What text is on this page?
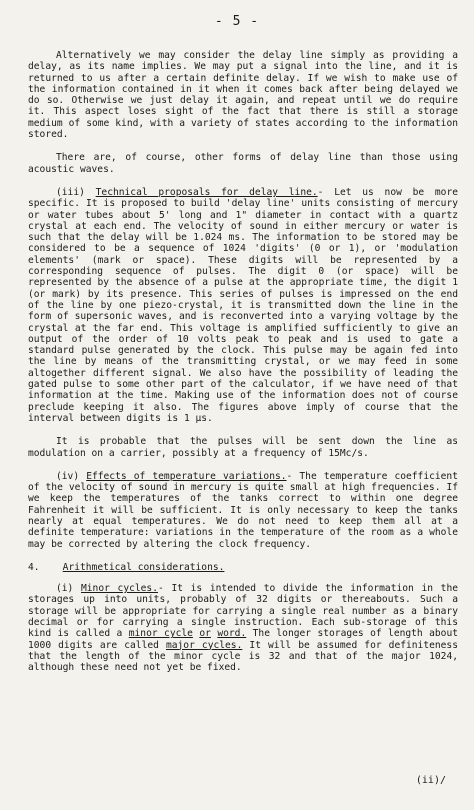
- 5 -

Alternatively we may consider the delay line simply as providing a delay, as its name implies. We may put a signal into the line, and it is returned to us after a certain definite delay. If we wish to make use of the information contained in it when it comes back after being delayed we do so. Otherwise we just delay it again, and repeat until we do require it. This aspect loses sight of the fact that there is still a storage medium of some kind, with a variety of states according to the information stored.

There are, of course, other forms of delay line than those using acoustic waves.

(iii) Technical proposals for delay line.- Let us now be more specific. It is proposed to build 'delay line' units consisting of mercury or water tubes about 5' long and 1" diameter in contact with a quartz crystal at each end. The velocity of sound in either mercury or water is such that the delay will be 1.024 ms. The information to be stored may be considered to be a sequence of 1024 'digits' (0 or 1), or 'modulation elements' (mark or space). These digits will be represented by a corresponding sequence of pulses. The digit 0 (or space) will be represented by the absence of a pulse at the appropriate time, the digit 1 (or mark) by its presence. This series of pulses is impressed on the end of the line by one piezo-crystal, it is transmitted down the line in the form of supersonic waves, and is reconverted into a varying voltage by the crystal at the far end. This voltage is amplified sufficiently to give an output of the order of 10 volts peak to peak and is used to gate a standard pulse generated by the clock. This pulse may be again fed into the line by means of the transmitting crystal, or we may feed in some altogether different signal. We also have the possibility of leading the gated pulse to some other part of the calculator, if we have need of that information at the time. Making use of the information does not of course preclude keeping it also. The figures above imply of course that the interval between digits is 1 µs.

It is probable that the pulses will be sent down the line as modulation on a carrier, possibly at a frequency of 15Mc/s.

(iv) Effects of temperature variations.- The temperature coefficient of the velocity of sound in mercury is quite small at high frequencies. If we keep the temperatures of the tanks correct to within one degree Fahrenheit it will be sufficient. It is only necessary to keep the tanks nearly at equal temperatures. We do not need to keep them all at a definite temperature: variations in the temperature of the room as a whole may be corrected by altering the clock frequency.

4. Arithmetical considerations.

(i) Minor cycles.- It is intended to divide the information in the storages up into units, probably of 32 digits or thereabouts. Such a storage will be appropriate for carrying a single real number as a binary decimal or for carrying a single instruction. Each sub-storage of this kind is called a minor cycle or word. The longer storages of length about 1000 digits are called major cycles. It will be assumed for definiteness that the length of the minor cycle is 32 and that of the major 1024, although these need not yet be fixed.

(ii)/
